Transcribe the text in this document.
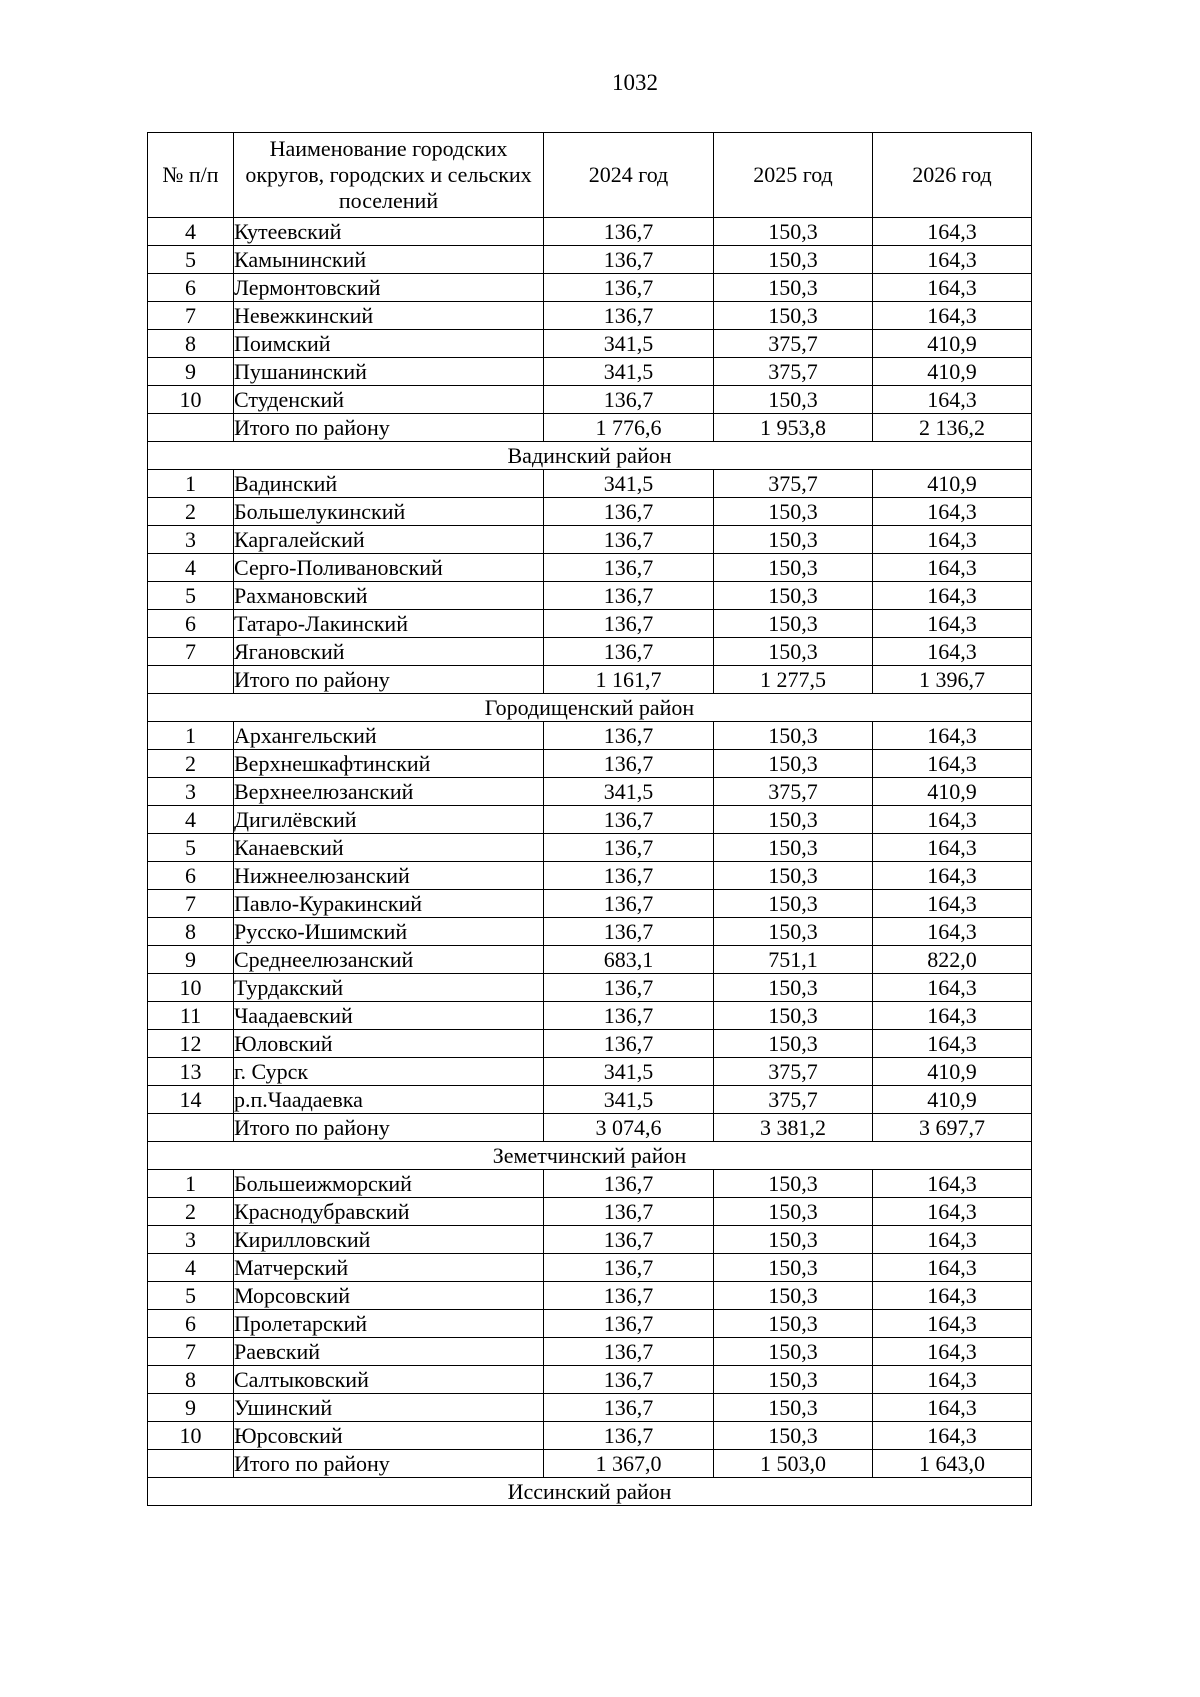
1032
№ п/п	Наименование городских округов, городских и сельских поселений	2024 год	2025 год	2026 год
4	Кутеевский	136,7	150,3	164,3
5	Камынинский	136,7	150,3	164,3
6	Лермонтовский	136,7	150,3	164,3
7	Невежкинский	136,7	150,3	164,3
8	Поимский	341,5	375,7	410,9
9	Пушанинский	341,5	375,7	410,9
10	Студенский	136,7	150,3	164,3
	Итого по району	1 776,6	1 953,8	2 136,2
Вадинский район				
1	Вадинский	341,5	375,7	410,9
2	Большелукинский	136,7	150,3	164,3
3	Каргалейский	136,7	150,3	164,3
4	Серго-Поливановский	136,7	150,3	164,3
5	Рахмановский	136,7	150,3	164,3
6	Татаро-Лакинский	136,7	150,3	164,3
7	Ягановский	136,7	150,3	164,3
	Итого по району	1 161,7	1 277,5	1 396,7
Городищенский район				
1	Архангельский	136,7	150,3	164,3
2	Верхнешкафтинский	136,7	150,3	164,3
3	Верхнеелюзанский	341,5	375,7	410,9
4	Дигилёвский	136,7	150,3	164,3
5	Канаевский	136,7	150,3	164,3
6	Нижнеелюзанский	136,7	150,3	164,3
7	Павло-Куракинский	136,7	150,3	164,3
8	Русско-Ишимский	136,7	150,3	164,3
9	Среднеелюзанский	683,1	751,1	822,0
10	Турдакский	136,7	150,3	164,3
11	Чаадаевский	136,7	150,3	164,3
12	Юловский	136,7	150,3	164,3
13	г. Сурск	341,5	375,7	410,9
14	р.п.Чаадаевка	341,5	375,7	410,9
	Итого по району	3 074,6	3 381,2	3 697,7
Земетчинский район				
1	Большеижморский	136,7	150,3	164,3
2	Краснодубравский	136,7	150,3	164,3
3	Кирилловский	136,7	150,3	164,3
4	Матчерский	136,7	150,3	164,3
5	Морсовский	136,7	150,3	164,3
6	Пролетарский	136,7	150,3	164,3
7	Раевский	136,7	150,3	164,3
8	Салтыковский	136,7	150,3	164,3
9	Ушинский	136,7	150,3	164,3
10	Юрсовский	136,7	150,3	164,3
	Итого по району	1 367,0	1 503,0	1 643,0
Иссинский район				
